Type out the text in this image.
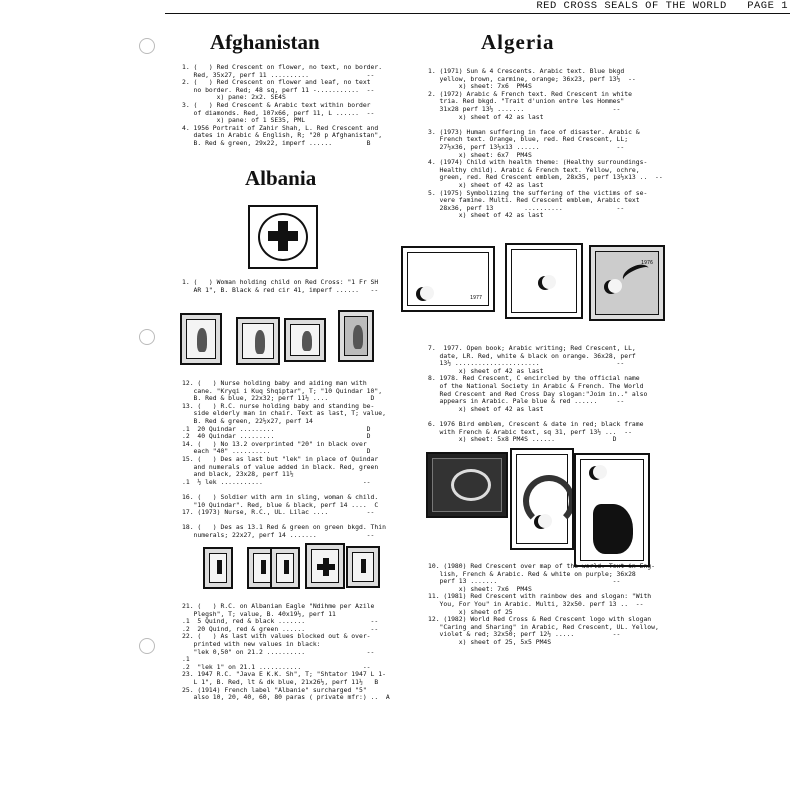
RED CROSS SEALS OF THE WORLD PAGE 1
Afghanistan
1. (   ) Red Crescent on flower, no text, no border.
Red, 35x27, perf 11 ..........               --
2. (   ) Red Crescent on flower and leaf, no text
no border. Red; 48 sq, perf 11 -...........  --
x) pane: 2x2. SE4S
3. (   ) Red Crescent & Arabic text within border
of diamonds. Red, 107x66, perf 11, L ......  --
x) pane: of 1 SE35, PML
4. 1956 Portrait of Zahir Shah, L. Red Crescent and
dates in Arabic & English, R; "20 p Afghanistan",
B. Red & green, 29x22, imperf ......         B
Albania
1. (   ) Woman holding child on Red Cross: "1 Fr SH
AR 1", B. Black & red cir 41, imperf ......   --
12. (   ) Nurse holding baby and aiding man with
cane. "Kryqi i Kuq Shqiptar", T; "10 Quindar 10",
B. Red & blue, 22x32; perf 11½ ....           D
13. (   ) R.C. nurse holding baby and standing be-
side elderly man in chair. Text as last, T; value,
B. Red & green, 22½x27, perf 14
.1  20 Quindar .........                        D
.2  40 Quindar .........                        D
14. (   ) No 13.2 overprinted "20" in black over
each "40" ..........                         D
15. (   ) Des as last but "lek" in place of Quindar
and numerals of value added in black. Red, green
and black, 23x28, perf 11½
.1  ½ lek ...........                          --

16. (   ) Soldier with arm in sling, woman & child.
"10 Quindar". Red, blue & black, perf 14 ....  C
17. (1973) Nurse, R.C., UL. Lilac ....          --

18. (   ) Des as 13.1 Red & green on green bkgd. Thin
numerals; 22x27, perf 14 .......             --
21. (   ) R.C. on Albanian Eagle "Ndihme per Azile
Plegsh", T; value, B. 40x19½, perf 11
.1  5 Quind, red & black .......                 --
.2  20 Quind, red & green ......                 --
22. (   ) As last with values blocked out & over-
printed with new values in black:
"lek 0,50" on 21.2 ..........                --
.1
.2  "lek 1" on 21.1 ...........                --
23. 1947 R.C. "Java E K.K. Sh", T; "Shtator 1947 L 1-
L 1", B. Red, lt & dk blue, 21x26½, perf 11½   B
25. (1914) French label "Albanie" surcharged "5"
also 10, 20, 40, 60, 80 paras ( private mfr:) ..  A
Algeria
1. (1971) Sun & 4 Crescents. Arabic text. Blue bkgd
yellow, brown, carmine, orange; 36x23, perf 13½  --
x) sheet: 7x6  PM4S
2. (1972) Arabic & French text. Red Crescent in white
tria. Red bkgd. "Trait d'union entre les Hommes"
31x28 perf 13½ .......                       --
x) sheet of 42 as last

3. (1973) Human suffering in face of disaster. Arabic &
French text. Orange, blue, red. Red Crescent, LL;
27½x36, perf 13½x13 ......                    --
x) sheet: 6x7  PM4S
4. (1974) Child with health theme: (Healthy surroundings-
Healthy child). Arabic & French text. Yellow, ochre,
green, red. Red Crescent emblem, 28x35, perf 13½x13 ..  --
x) sheet of 42 as last
5. (1975) Symbolizing the suffering of the victims of se-
vere famine. Multi. Red Crescent emblem, Arabic text
28x36, perf 13        ..........              --
x) sheet of 42 as last
1977
1976
7.  1977. Open book; Arabic writing; Red Crescent, LL,
date, LR. Red, white & black on orange. 36x28, perf
13½ ......................                    --
x) sheet of 42 as last
8. 1978. Red Crescent, C encircled by the official name
of the National Society in Arabic & French. The World
Red Crescent and Red Cross Day slogan:"Joim in.." also
appears in Arabic. Pale blue & red ......     --
x) sheet of 42 as last

6. 1976 Bird emblem, Crescent & date in red; black frame
with French & Arabic text, sq 31, perf 13½ ...  --
x) sheet: 5x8 PM4S ......               D
10. (1980) Red Crescent over map of the world. Text in Eng-
lish, French & Arabic. Red & white on purple; 36x28
perf 13 .......                              --
x) sheet: 7x6  PM4S
11. (1981) Red Crescent with rainbow des and slogan: "With
You, For You" in Arabic. Multi, 32x50. perf 13 ..  --
x) sheet of 25
12. (1982) World Red Cross & Red Crescent logo with slogan
"Caring and Sharing" in Arabic, Red Crescent, UL. Yellow,
violet & red; 32x50; perf 12½ .....          --
x) sheet of 25, 5x5 PM4S
